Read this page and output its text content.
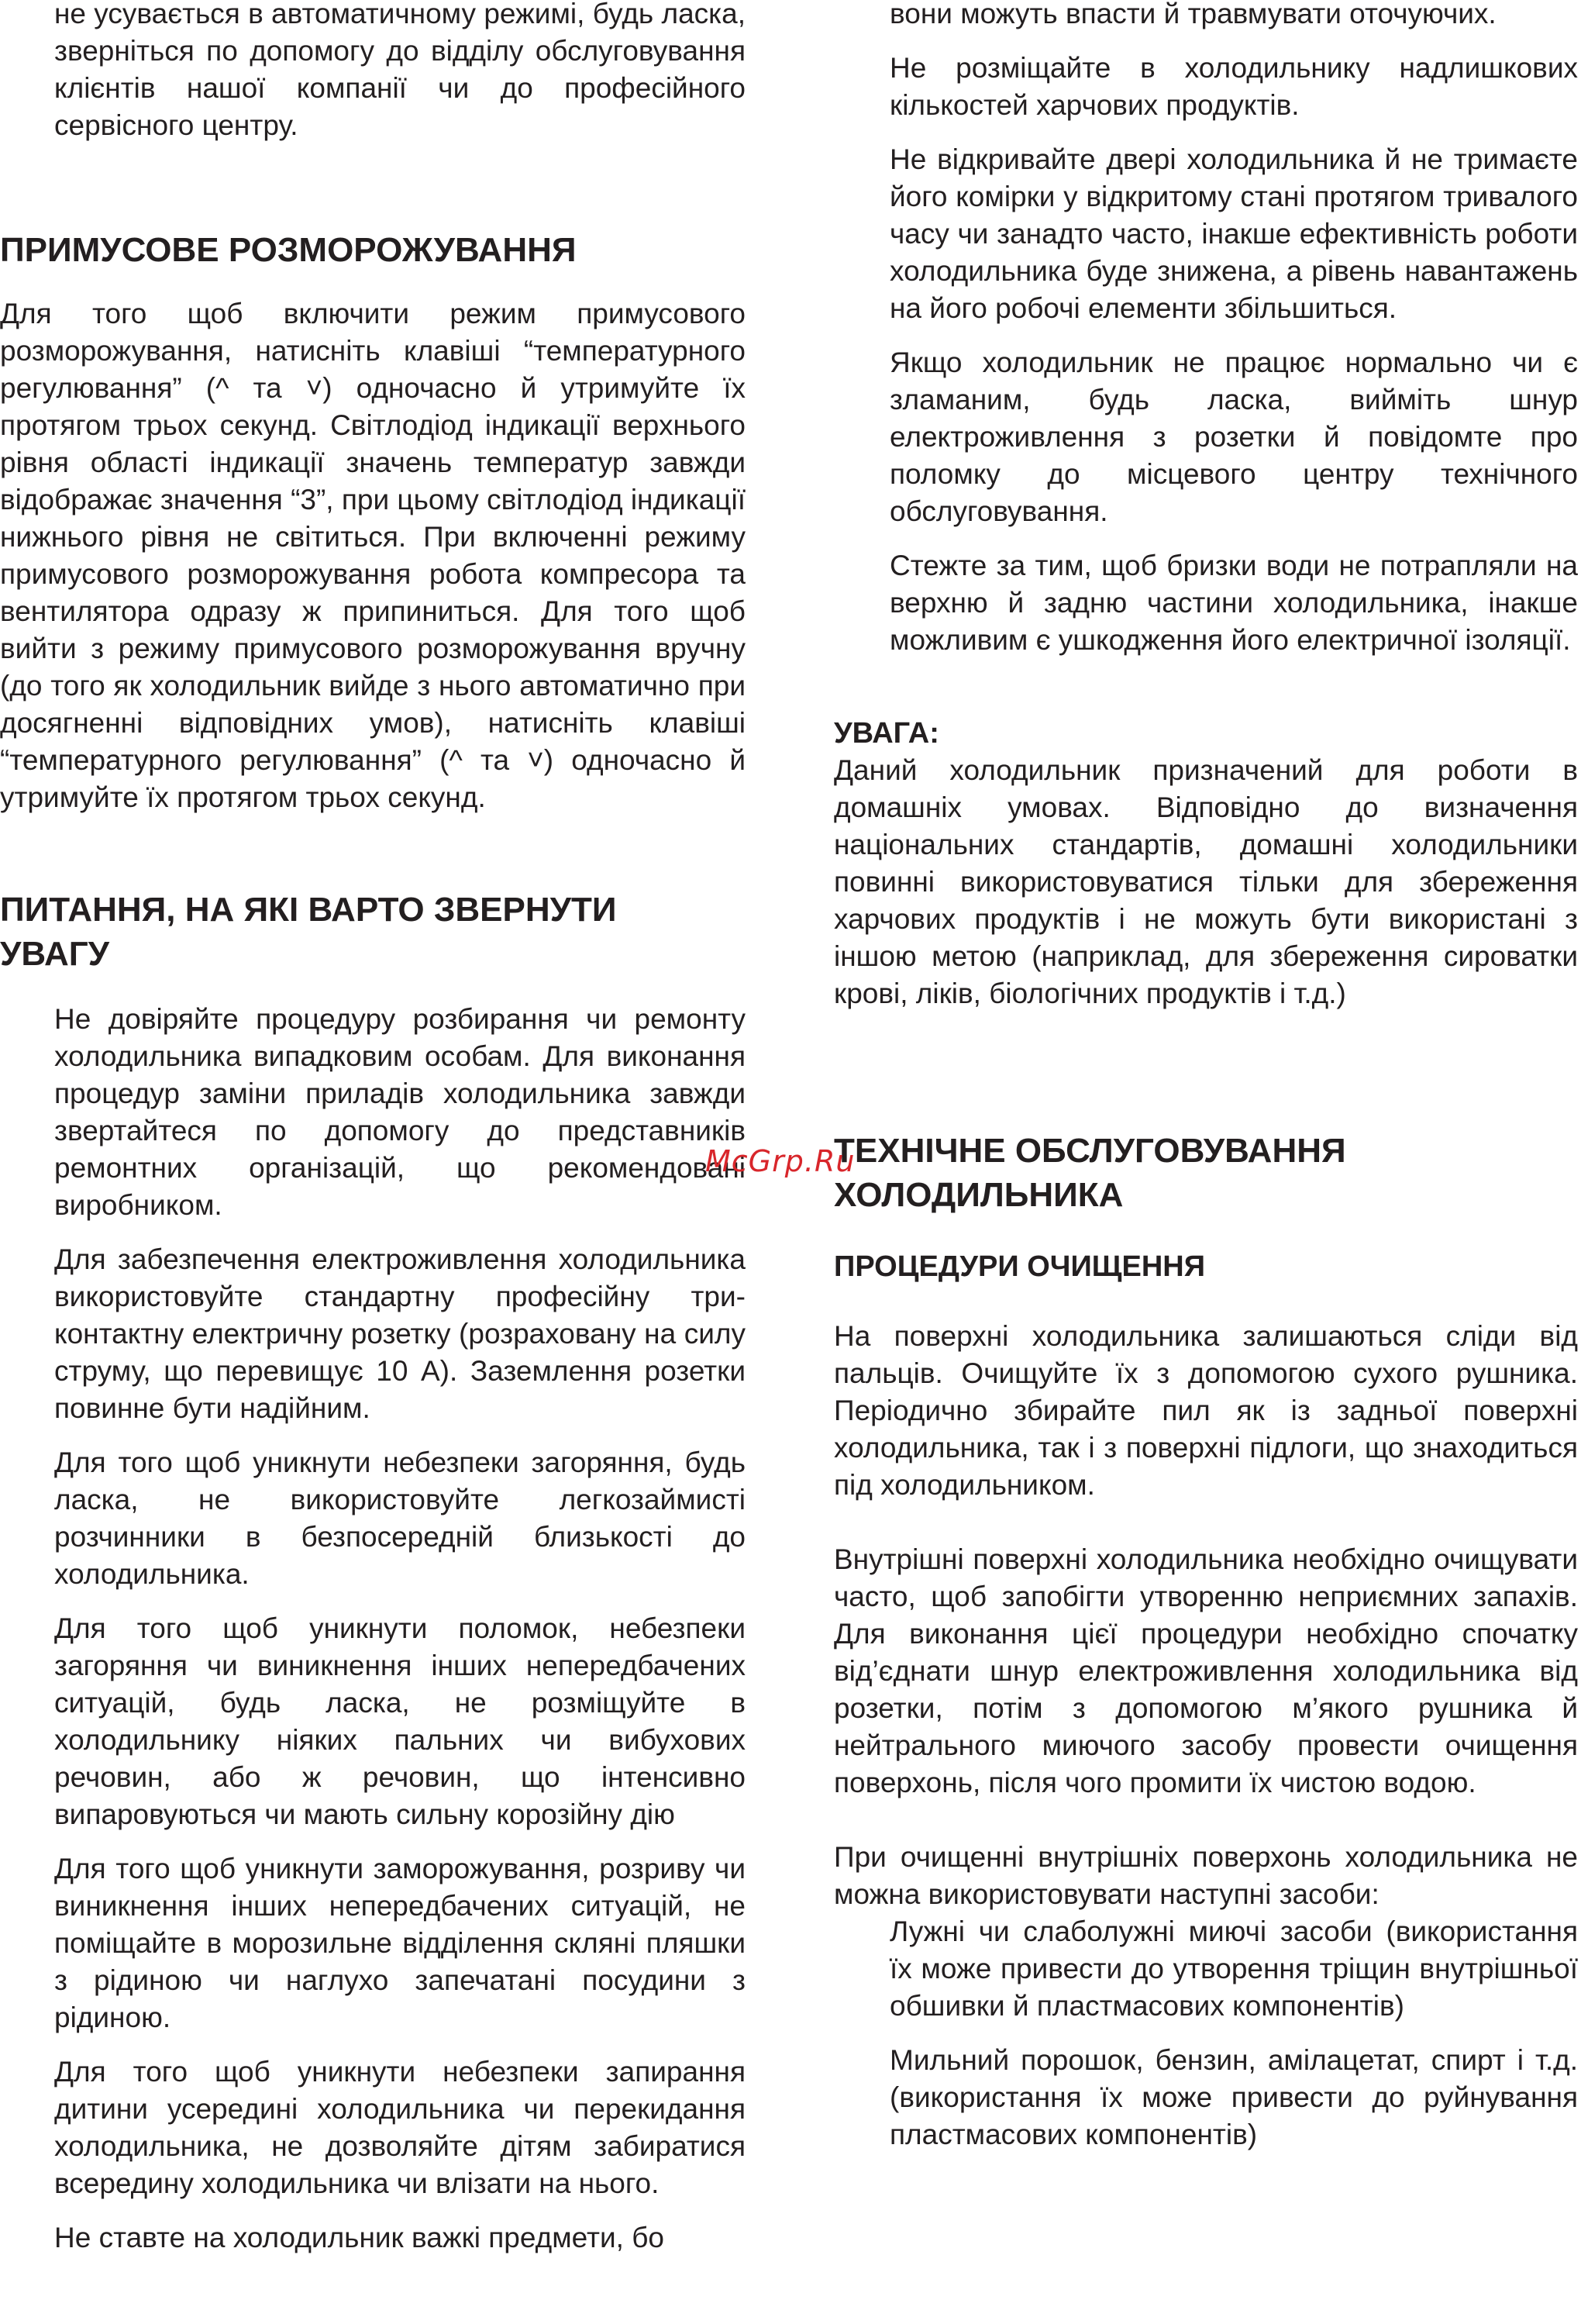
не усувається в автоматичному режимі, будь ласка, зверніться по допомогу до відділу обслуговування клієнтів нашої компанії чи до професійного сервісного центру.

ПРИМУСОВЕ РОЗМОРОЖУВАННЯ

Для того щоб включити режим примусового розморожування, натисніть клавіші “температурного регулювання” (^ та ˅) одночасно й утримуйте їх протягом трьох секунд. Світлодіод індикації верхнього рівня області індикації значень температур завжди відображає значення “3”, при цьому світлодіод індикації нижнього рівня не світиться. При включенні режиму примусового розморожування робота компресора та вентилятора одразу ж припиниться. Для того щоб вийти з режиму примусового розморожування вручну (до того як холодильник вийде з нього автоматично при досягненні відповідних умов), натисніть клавіші “температурного регулювання” (^ та ˅) одночасно й утримуйте їх протягом трьох секунд.

ПИТАННЯ, НА ЯКІ ВАРТО ЗВЕРНУТИ
УВАГУ

Не довіряйте процедуру розбирання чи ремонту холодильника випадковим особам. Для виконання процедур заміни приладів холодильника завжди звертайтеся по допомогу до представників ремонтних організацій, що рекомендовані виробником.

Для забезпечення електроживлення холодильника використовуйте стандартну професійну три-контактну електричну розетку (розраховану на силу струму, що перевищує 10 А). Заземлення розетки повинне бути надійним.

Для того щоб уникнути небезпеки загоряння, будь ласка, не використовуйте легкозаймисті розчинники в безпосередній близькості до холодильника.

Для того щоб уникнути поломок, небезпеки загоряння чи виникнення інших непередбачених ситуацій, будь ласка, не розміщуйте в холодильнику ніяких пальних чи вибухових речовин, або ж речовин, що інтенсивно випаровуються чи мають сильну корозійну дію

Для того щоб уникнути заморожування, розриву чи виникнення інших непередбачених ситуацій, не поміщайте в морозильне відділення скляні пляшки з рідиною чи наглухо запечатані посудини з рідиною.

Для того щоб уникнути небезпеки запирання дитини усередині холодильника чи перекидання холодильника, не дозволяйте дітям забиратися всередину холодильника чи влізати на нього.

Не ставте на холодильник важкі предмети, бо

вони можуть впасти й травмувати оточуючих.

Не розміщайте в холодильнику надлишкових кількостей харчових продуктів.

Не відкривайте двері холодильника й не тримаєте його комірки у відкритому стані протягом тривалого часу чи занадто часто, інакше ефективність роботи холодильника буде знижена, а рівень навантажень на його робочі елементи збільшиться.

Якщо холодильник не працює нормально чи є зламаним, будь ласка, вийміть шнур електроживлення з розетки й повідомте про поломку до місцевого центру технічного обслуговування.

Стежте за тим, щоб бризки води не потрапляли на верхню й задню частини холодильника, інакше можливим є ушкодження його електричної ізоляції.

УВАГА:

Даний холодильник призначений для роботи в домашніх умовах. Відповідно до визначення національних стандартів, домашні холодильники повинні використовуватися тільки для збереження харчових продуктів і не можуть бути використані з іншою метою (наприклад, для збереження сироватки крові, ліків, біологічних продуктів і т.д.)

ТЕХНІЧНЕ ОБСЛУГОВУВАННЯ
ХОЛОДИЛЬНИКА
ПРОЦЕДУРИ ОЧИЩЕННЯ

На поверхні холодильника залишаються сліди від пальців. Очищуйте їх з допомогою сухого рушника. Періодично збирайте пил як із задньої поверхні холодильника, так і з поверхні підлоги, що знаходиться під холодильником.

Внутрішні поверхні холодильника необхідно очищувати часто, щоб запобігти утворенню неприємних запахів. Для виконання цієї процедури необхідно спочатку від’єднати шнур електроживлення холодильника від розетки, потім з допомогою м’якого рушника й нейтрального миючого засобу провести очищення поверхонь, після чого промити їх чистою водою.

При очищенні внутрішніх поверхонь холодильника не можна використовувати наступні засоби:

Лужні чи слаболужні миючі засоби (використання їх може привести до утворення тріщин внутрішньої обшивки й пластмасових компонентів)

Мильний порошок, бензин, амілацетат, спирт і т.д. (використання їх може привести до руйнування пластмасових компонентів)

McGrp.Ru
